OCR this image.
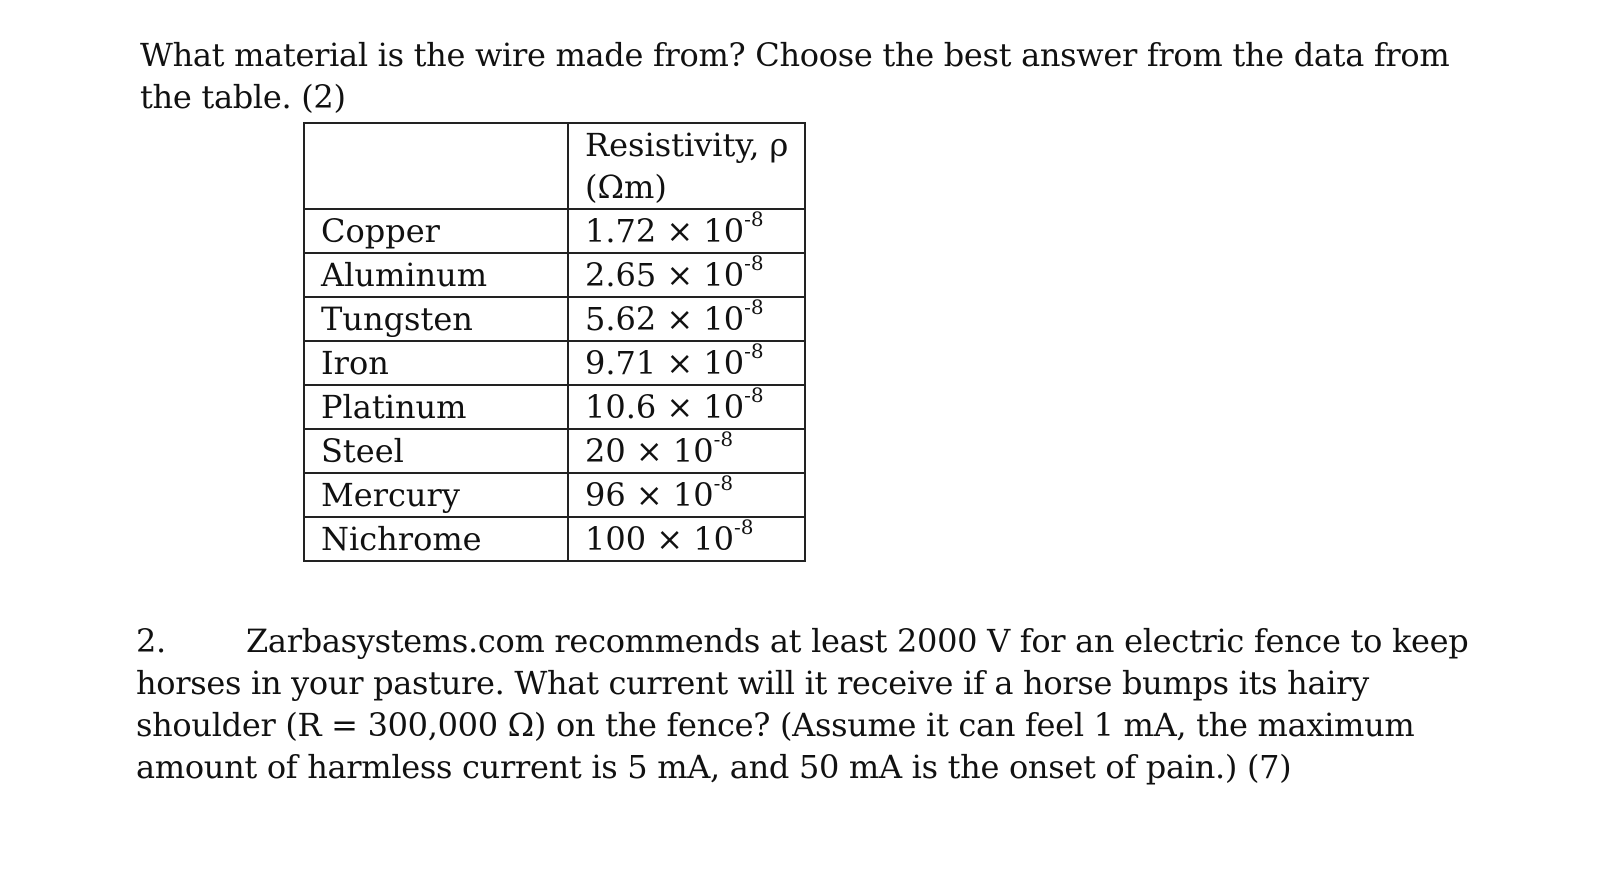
What material is the wire made from? Choose the best answer from the data from

the table. (2)

	Resistivity, ρ
(Ωm)

Copper	$1.72 \times 10^{-8}$
Aluminum	$2.65 \times 10^{-8}$
Tungsten	$5.62 \times 10^{-8}$
Iron	$9.71 \times 10^{-8}$
Platinum	$10.6 \times 10^{-8}$
Steel	$20 \times 10^{-8}$
Mercury	$96 \times 10^{-8}$
Nichrome	$100 \times 10^{-8}$

2.	Zarbasystems.com recommends at least 2000 V for an electric fence to keep

horses in your pasture. What current will it receive if a horse bumps its hairy

shoulder (R = 300,000 Ω) on the fence? (Assume it can feel 1 mA, the maximum

amount of harmless current is 5 mA, and 50 mA is the onset of pain.) (7)
